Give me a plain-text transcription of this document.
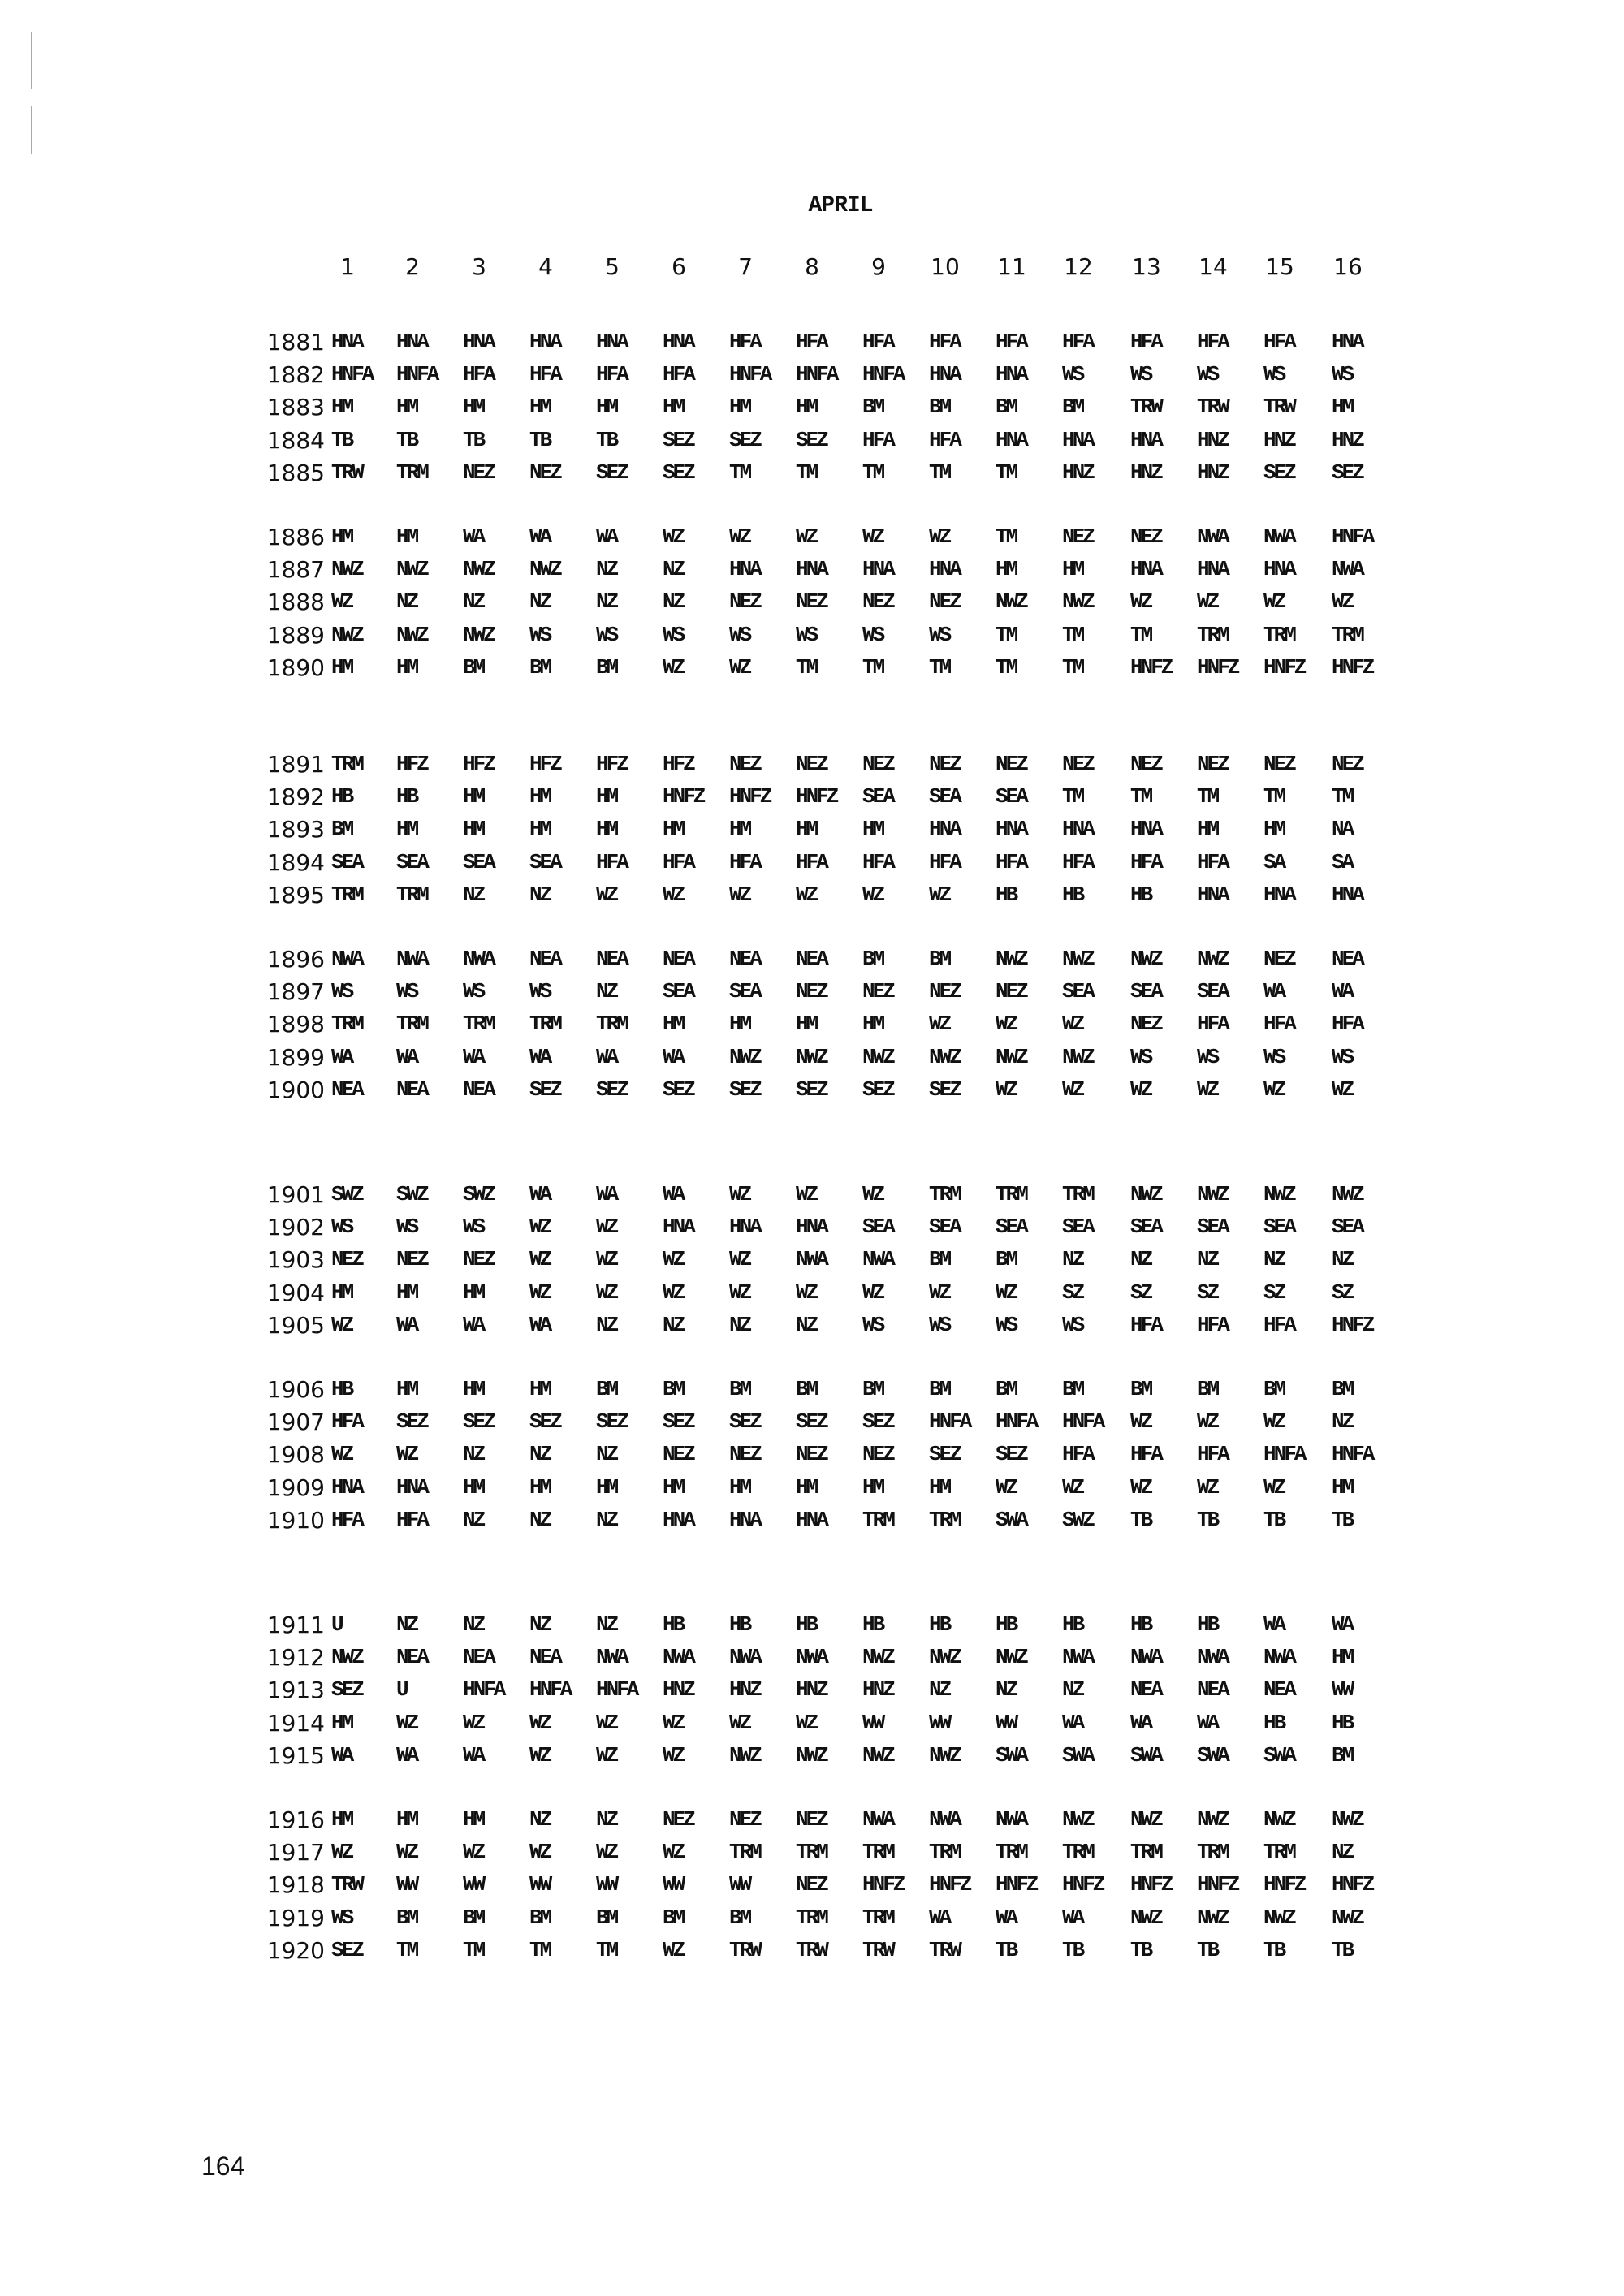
APRIL
1	2	3	4	5	6	7	8	9	10	11	12	13	14	15	16
1881 HNA	HNA	HNA	HNA	HNA	HNA	HFA	HFA	HFA	HFA	HFA	HFA	HFA	HFA	HFA	HNA
1882 HNFA	HNFA	HFA	HFA	HFA	HFA	HNFA	HNFA	HNFA	HNA	HNA	WS	WS	WS	WS	WS
1883 HM	HM	HM	HM	HM	HM	HM	HM	BM	BM	BM	BM	TRW	TRW	TRW	HM
1884 TB	TB	TB	TB	TB	SEZ	SEZ	SEZ	HFA	HFA	HNA	HNA	HNA	HNZ	HNZ	HNZ
1885 TRW	TRM	NEZ	NEZ	SEZ	SEZ	TM	TM	TM	TM	TM	HNZ	HNZ	HNZ	SEZ	SEZ
1886 HM	HM	WA	WA	WA	WZ	WZ	WZ	WZ	WZ	TM	NEZ	NEZ	NWA	NWA	HNFA
1887 NWZ	NWZ	NWZ	NWZ	NZ	NZ	HNA	HNA	HNA	HNA	HM	HM	HNA	HNA	HNA	NWA
1888 WZ	NZ	NZ	NZ	NZ	NZ	NEZ	NEZ	NEZ	NEZ	NWZ	NWZ	WZ	WZ	WZ	WZ
1889 NWZ	NWZ	NWZ	WS	WS	WS	WS	WS	WS	WS	TM	TM	TM	TRM	TRM	TRM
1890 HM	HM	BM	BM	BM	WZ	WZ	TM	TM	TM	TM	TM	HNFZ	HNFZ	HNFZ	HNFZ
1891 TRM	HFZ	HFZ	HFZ	HFZ	HFZ	NEZ	NEZ	NEZ	NEZ	NEZ	NEZ	NEZ	NEZ	NEZ	NEZ
1892 HB	HB	HM	HM	HM	HNFZ	HNFZ	HNFZ	SEA	SEA	SEA	TM	TM	TM	TM	TM
1893 BM	HM	HM	HM	HM	HM	HM	HM	HM	HNA	HNA	HNA	HNA	HM	HM	NA
1894 SEA	SEA	SEA	SEA	HFA	HFA	HFA	HFA	HFA	HFA	HFA	HFA	HFA	HFA	SA	SA
1895 TRM	TRM	NZ	NZ	WZ	WZ	WZ	WZ	WZ	WZ	HB	HB	HB	HNA	HNA	HNA
1896 NWA	NWA	NWA	NEA	NEA	NEA	NEA	NEA	BM	BM	NWZ	NWZ	NWZ	NWZ	NEZ	NEA
1897 WS	WS	WS	WS	NZ	SEA	SEA	NEZ	NEZ	NEZ	NEZ	SEA	SEA	SEA	WA	WA
1898 TRM	TRM	TRM	TRM	TRM	HM	HM	HM	HM	WZ	WZ	WZ	NEZ	HFA	HFA	HFA
1899 WA	WA	WA	WA	WA	WA	NWZ	NWZ	NWZ	NWZ	NWZ	NWZ	WS	WS	WS	WS
1900 NEA	NEA	NEA	SEZ	SEZ	SEZ	SEZ	SEZ	SEZ	SEZ	WZ	WZ	WZ	WZ	WZ	WZ
1901 SWZ	SWZ	SWZ	WA	WA	WA	WZ	WZ	WZ	TRM	TRM	TRM	NWZ	NWZ	NWZ	NWZ
1902 WS	WS	WS	WZ	WZ	HNA	HNA	HNA	SEA	SEA	SEA	SEA	SEA	SEA	SEA	SEA
1903 NEZ	NEZ	NEZ	WZ	WZ	WZ	WZ	NWA	NWA	BM	BM	NZ	NZ	NZ	NZ	NZ
1904 HM	HM	HM	WZ	WZ	WZ	WZ	WZ	WZ	WZ	WZ	SZ	SZ	SZ	SZ	SZ
1905 WZ	WA	WA	WA	NZ	NZ	NZ	NZ	WS	WS	WS	WS	HFA	HFA	HFA	HNFZ
1906 HB	HM	HM	HM	BM	BM	BM	BM	BM	BM	BM	BM	BM	BM	BM	BM
1907 HFA	SEZ	SEZ	SEZ	SEZ	SEZ	SEZ	SEZ	SEZ	HNFA	HNFA	HNFA	WZ	WZ	WZ	NZ
1908 WZ	WZ	NZ	NZ	NZ	NEZ	NEZ	NEZ	NEZ	SEZ	SEZ	HFA	HFA	HFA	HNFA	HNFA
1909 HNA	HNA	HM	HM	HM	HM	HM	HM	HM	HM	WZ	WZ	WZ	WZ	WZ	HM
1910 HFA	HFA	NZ	NZ	NZ	HNA	HNA	HNA	TRM	TRM	SWA	SWZ	TB	TB	TB	TB
1911 U	NZ	NZ	NZ	NZ	HB	HB	HB	HB	HB	HB	HB	HB	HB	WA	WA
1912 NWZ	NEA	NEA	NEA	NWA	NWA	NWA	NWA	NWZ	NWZ	NWZ	NWA	NWA	NWA	NWA	HM
1913 SEZ	U	HNFA	HNFA	HNFA	HNZ	HNZ	HNZ	HNZ	NZ	NZ	NZ	NEA	NEA	NEA	WW
1914 HM	WZ	WZ	WZ	WZ	WZ	WZ	WZ	WW	WW	WW	WA	WA	WA	HB	HB
1915 WA	WA	WA	WZ	WZ	WZ	NWZ	NWZ	NWZ	NWZ	SWA	SWA	SWA	SWA	SWA	BM
1916 HM	HM	HM	NZ	NZ	NEZ	NEZ	NEZ	NWA	NWA	NWA	NWZ	NWZ	NWZ	NWZ	NWZ
1917 WZ	WZ	WZ	WZ	WZ	WZ	TRM	TRM	TRM	TRM	TRM	TRM	TRM	TRM	TRM	NZ
1918 TRW	WW	WW	WW	WW	WW	WW	NEZ	HNFZ	HNFZ	HNFZ	HNFZ	HNFZ	HNFZ	HNFZ	HNFZ
1919 WS	BM	BM	BM	BM	BM	BM	TRM	TRM	WA	WA	WA	NWZ	NWZ	NWZ	NWZ
1920 SEZ	TM	TM	TM	TM	WZ	TRW	TRW	TRW	TRW	TB	TB	TB	TB	TB	TB
164
